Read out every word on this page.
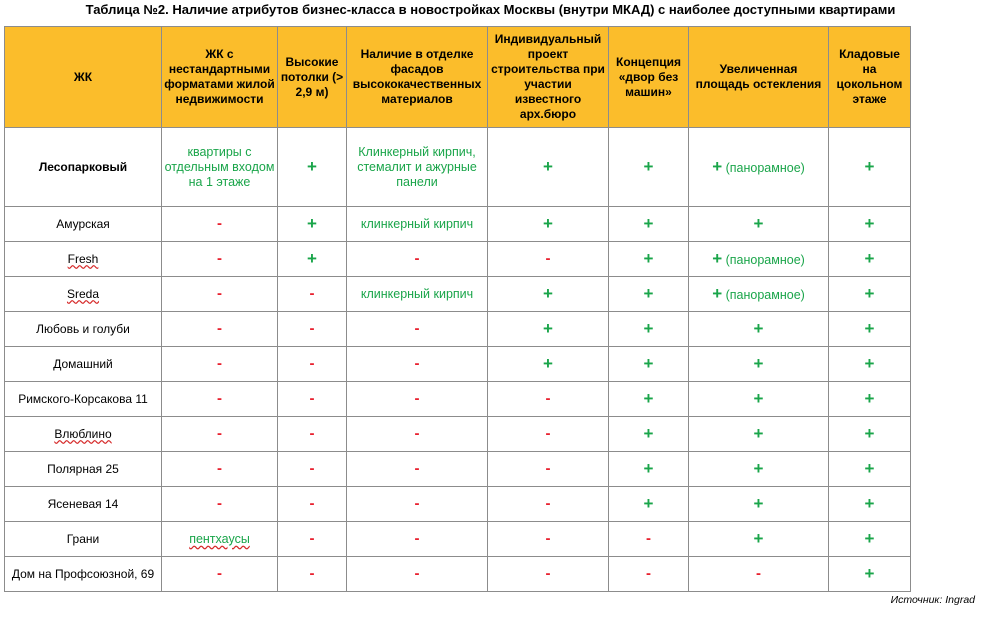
Таблица №2. Наличие атрибутов бизнес-класса в новостройках Москвы (внутри МКАД) с наиболее доступными квартирами
ЖК	ЖК с нестандартными форматами жилой недвижимости	Высокие потолки (> 2,9 м)	Наличие в отделке фасадов высококачественных материалов	Индивидуальный проект строительства при участии известного арх.бюро	Концепция «двор без машин»	Увеличенная площадь остекления	Кладовые на цокольном этаже
Лесопарковый	квартиры с отдельным входом на 1 этаже	+	Клинкерный кирпич, стемалит и ажурные панели	+	+	+ (панорамное)	+
Амурская	-	+	клинкерный кирпич	+	+	+	+
Fresh	-	+	-	-	+	+ (панорамное)	+
Sreda	-	-	клинкерный кирпич	+	+	+ (панорамное)	+
Любовь и голуби	-	-	-	+	+	+	+
Домашний	-	-	-	+	+	+	+
Римского-Корсакова 11	-	-	-	-	+	+	+
Влюблино	-	-	-	-	+	+	+
Полярная 25	-	-	-	-	+	+	+
Ясеневая 14	-	-	-	-	+	+	+
Грани	пентхаусы	-	-	-	-	+	+
Дом на Профсоюзной, 69	-	-	-	-	-	-	+
Источник: Ingrad
